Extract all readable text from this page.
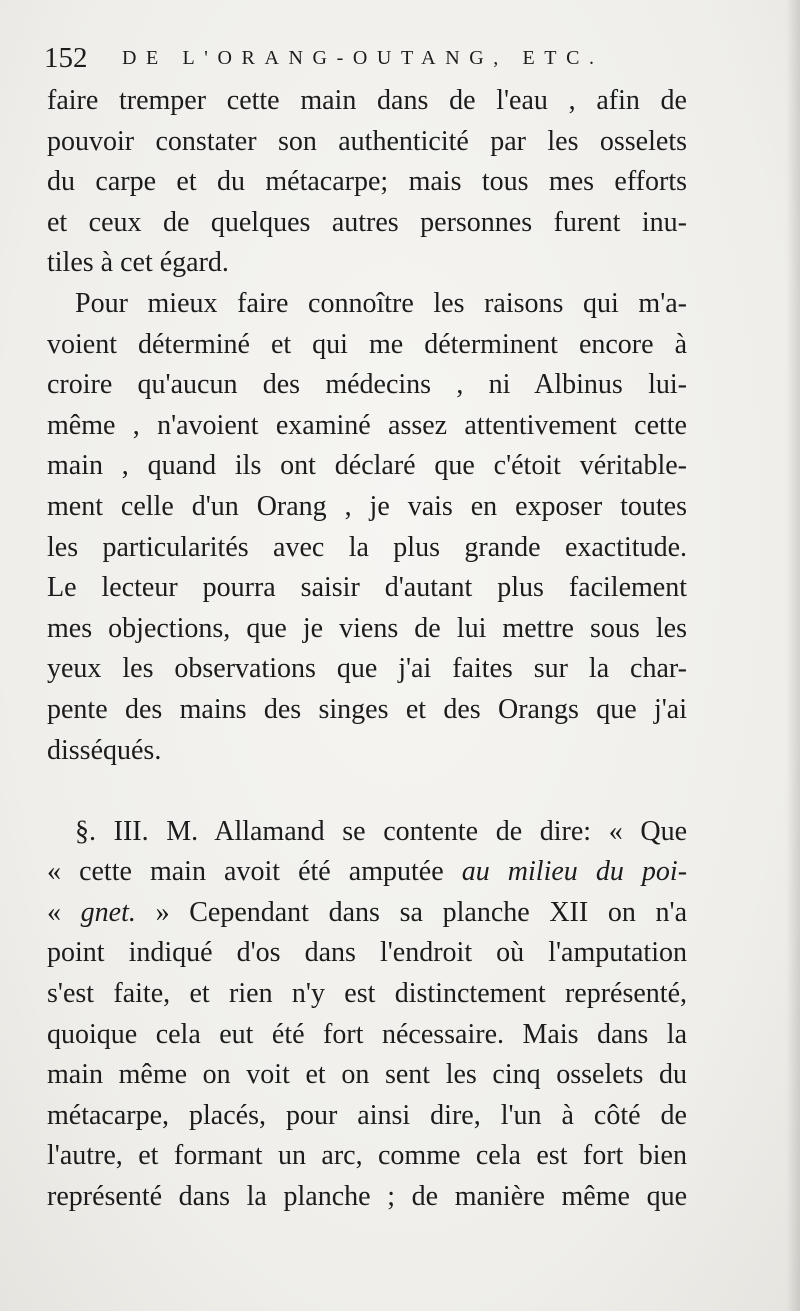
152 DE L'ORANG-OUTANG, ETC.
faire tremper cette main dans de l'eau , afin de
pouvoir constater son authenticité par les osselets
du carpe et du métacarpe; mais tous mes efforts
et ceux de quelques autres personnes furent inu-
tiles à cet égard.
Pour mieux faire connoître les raisons qui m'a-
voient déterminé et qui me déterminent encore à
croire qu'aucun des médecins , ni Albinus lui-
même , n'avoient examiné assez attentivement cette
main , quand ils ont déclaré que c'étoit véritable-
ment celle d'un Orang , je vais en exposer toutes
les particularités avec la plus grande exactitude.
Le lecteur pourra saisir d'autant plus facilement
mes objections, que je viens de lui mettre sous les
yeux les observations que j'ai faites sur la char-
pente des mains des singes et des Orangs que j'ai
disséqués.
§. III. M. Allamand se contente de dire: « Que
« cette main avoit été amputée au milieu du poi-
« gnet. » Cependant dans sa planche XII on n'a
point indiqué d'os dans l'endroit où l'amputation
s'est faite, et rien n'y est distinctement représenté,
quoique cela eut été fort nécessaire. Mais dans la
main même on voit et on sent les cinq osselets du
métacarpe, placés, pour ainsi dire, l'un à côté de
l'autre, et formant un arc, comme cela est fort bien
représenté dans la planche ; de manière même que
